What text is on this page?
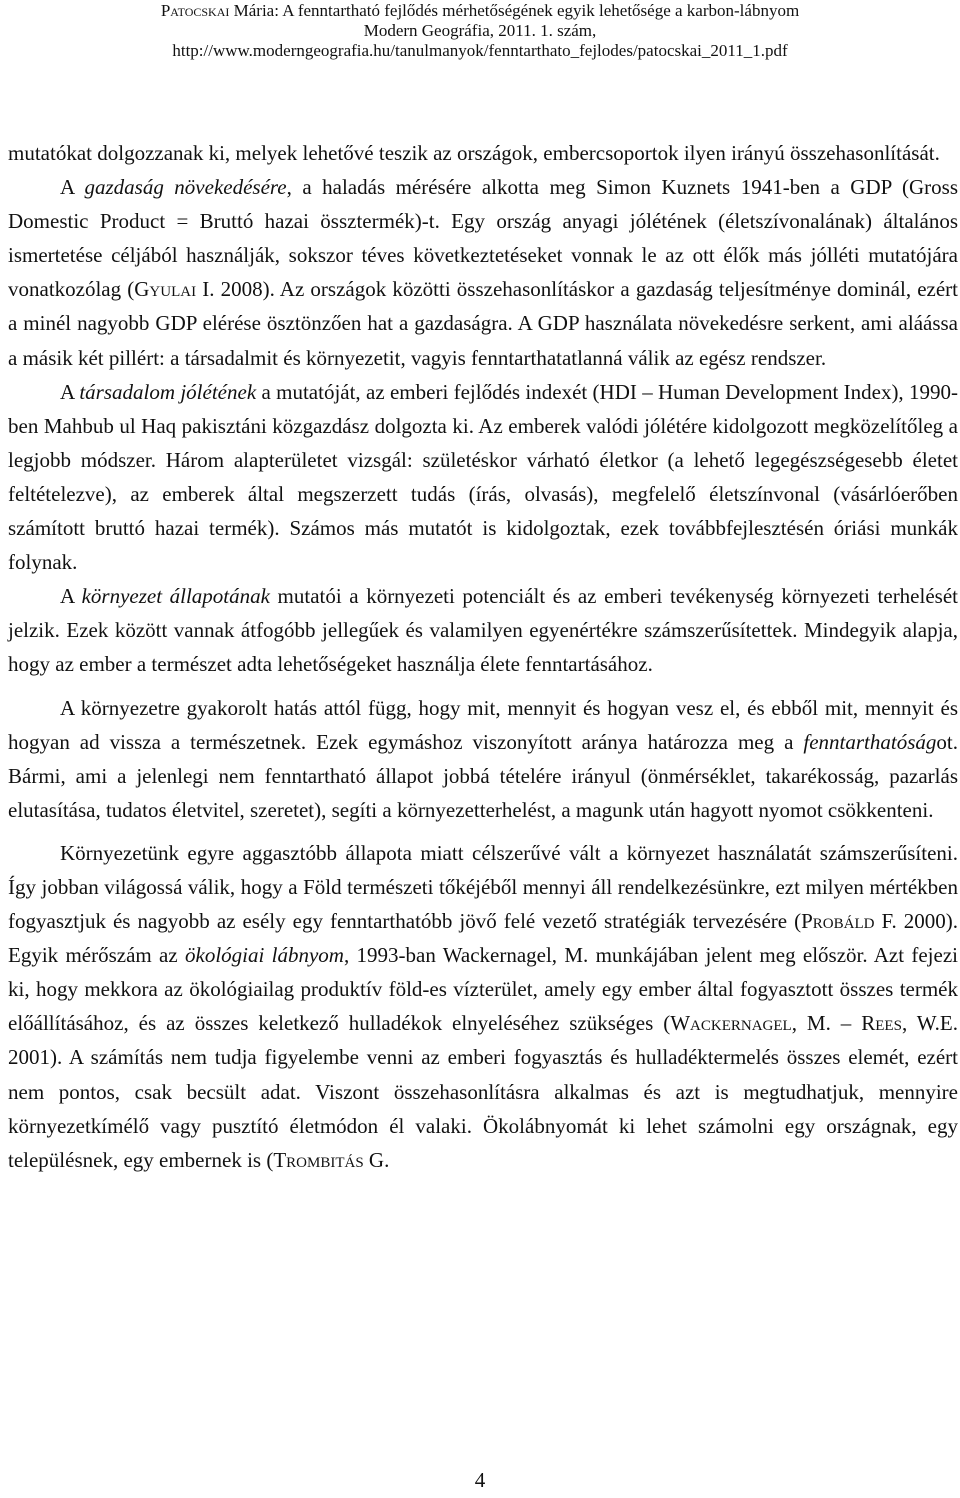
Patocskai Mária: A fenntartható fejlődés mérhetőségének egyik lehetősége a karbon-lábnyom
Modern Geográfia, 2011. 1. szám,
http://www.moderngeografia.hu/tanulmanyok/fenntarthato_fejlodes/patocskai_2011_1.pdf

mutatókat dolgozzanak ki, melyek lehetővé teszik az országok, embercsoportok ilyen irányú összehasonlítását.

A gazdaság növekedésére, a haladás mérésére alkotta meg Simon Kuznets 1941-ben a GDP (Gross Domestic Product = Bruttó hazai össztermék)-t. Egy ország anyagi jólétének (életszívonalának) általános ismertetése céljából használják, sokszor téves következtetéseket vonnak le az ott élők más jólléti mutatójára vonatkozólag (Gyulai I. 2008). Az országok közötti összehasonlításkor a gazdaság teljesítménye dominál, ezért a minél nagyobb GDP elérése ösztönzően hat a gazdaságra. A GDP használata növekedésre serkent, ami aláássa a másik két pillért: a társadalmit és környezetit, vagyis fenntarthatatlanná válik az egész rendszer.

A társadalom jólétének a mutatóját, az emberi fejlődés indexét (HDI – Human Development Index), 1990-ben Mahbub ul Haq pakisztáni közgazdász dolgozta ki. Az emberek valódi jólétére kidolgozott megközelítőleg a legjobb módszer. Három alapterületet vizsgál: születéskor várható életkor (a lehető legegészségesebb életet feltételezve), az emberek által megszerzett tudás (írás, olvasás), megfelelő életszínvonal (vásárlóerőben számított bruttó hazai termék). Számos más mutatót is kidolgoztak, ezek továbbfejlesztésén óriási munkák folynak.

A környezet állapotának mutatói a környezeti potenciált és az emberi tevékenység környezeti terhelését jelzik. Ezek között vannak átfogóbb jellegűek és valamilyen egyenértékre számszerűsítettek. Mindegyik alapja, hogy az ember a természet adta lehetőségeket használja élete fenntartásához.

A környezetre gyakorolt hatás attól függ, hogy mit, mennyit és hogyan vesz el, és ebből mit, mennyit és hogyan ad vissza a természetnek. Ezek egymáshoz viszonyított aránya határozza meg a fenntarthatóságot. Bármi, ami a jelenlegi nem fenntartható állapot jobbá tételére irányul (önmérséklet, takarékosság, pazarlás elutasítása, tudatos életvitel, szeretet), segíti a környezetterhelést, a magunk után hagyott nyomot csökkenteni.

Környezetünk egyre aggasztóbb állapota miatt célszerűvé vált a környezet használatát számszerűsíteni. Így jobban világossá válik, hogy a Föld természeti tőkéjéből mennyi áll rendelkezésünkre, ezt milyen mértékben fogyasztjuk és nagyobb az esély egy fenntarthatóbb jövő felé vezető stratégiák tervezésére (Probáld F. 2000). Egyik mérőszám az ökológiai lábnyom, 1993-ban Wackernagel, M. munkájában jelent meg először. Azt fejezi ki, hogy mekkora az ökológiailag produktív föld-es vízterület, amely egy ember által fogyasztott összes termék előállításához, és az összes keletkező hulladékok elnyeléséhez szükséges (Wackernagel, M. – Rees, W.E. 2001). A számítás nem tudja figyelembe venni az emberi fogyasztás és hulladéktermelés összes elemét, ezért nem pontos, csak becsült adat. Viszont összehasonlításra alkalmas és azt is megtudhatjuk, mennyire környezetkímélő vagy pusztító életmódon él valaki. Ökolábnyomát ki lehet számolni egy országnak, egy településnek, egy embernek is (Trombitás G.

4
